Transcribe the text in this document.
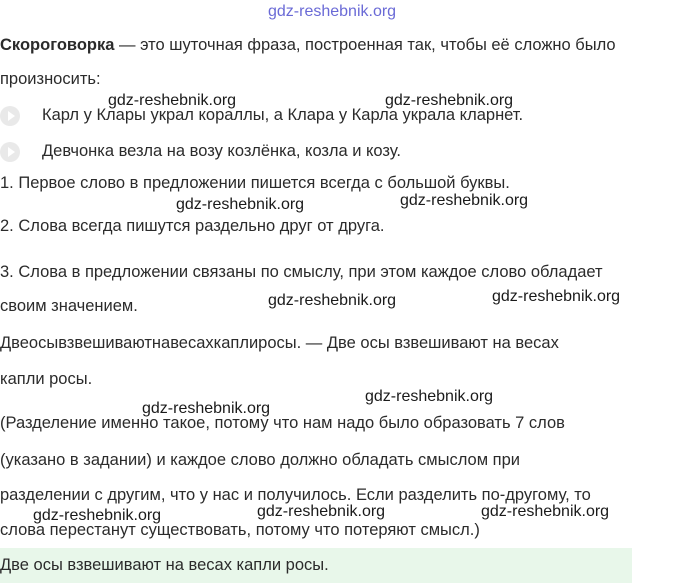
gdz-reshebnik.org
Скороговорка — это шуточная фраза, построенная так, чтобы её сложно было
произносить:
Карл у Клары украл кораллы, а Клара у Карла украла кларнет.
Девчонка везла на возу козлёнка, козла и козу.
1. Первое слово в предложении пишется всегда с большой буквы.
2. Слова всегда пишутся раздельно друг от друга.
3. Слова в предложении связаны по смыслу, при этом каждое слово обладает
своим значением.
Двеосывзвешиваютнавесахкаплиросы. — Две осы взвешивают на весах
капли росы.
(Разделение именно такое, потому что нам надо было образовать 7 слов
(указано в задании) и каждое слово должно обладать смыслом при
разделении с другим, что у нас и получилось. Если разделить по-другому, то
слова перестанут существовать, потому что потеряют смысл.)
Две осы взвешивают на весах капли росы.
gdz-reshebnik.org	gdz-reshebnik.org
gdz-reshebnik.org	gdz-reshebnik.org
gdz-reshebnik.org	gdz-reshebnik.org
gdz-reshebnik.org
gdz-reshebnik.org
gdz-reshebnik.org	gdz-reshebnik.org	gdz-reshebnik.org
